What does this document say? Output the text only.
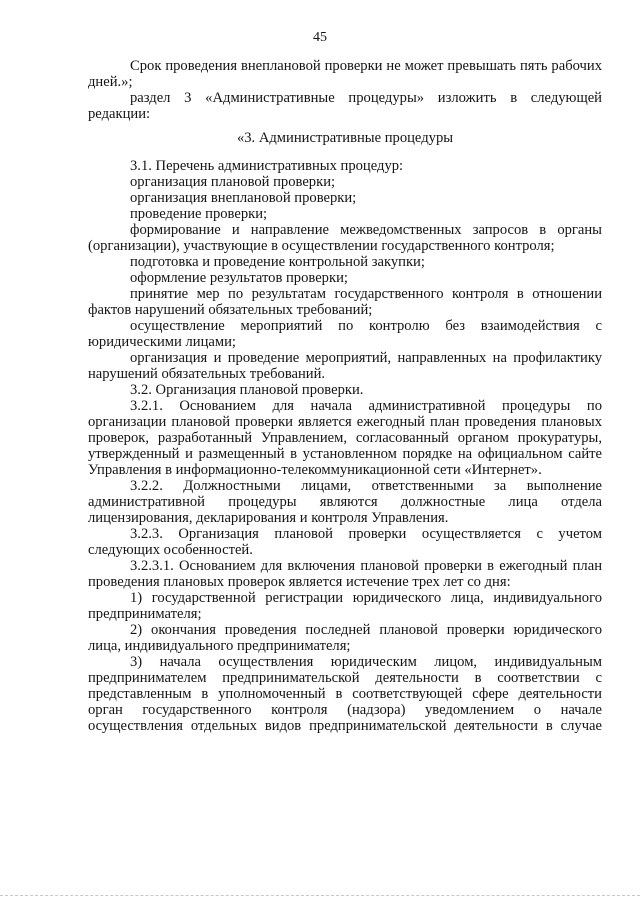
45

Срок проведения внеплановой проверки не может превышать пять рабочих дней.»;

раздел 3 «Административные процедуры» изложить в следующей редакции:

«3. Административные процедуры

3.1. Перечень административных процедур:

организация плановой проверки;

организация внеплановой проверки;

проведение проверки;

формирование и направление межведомственных запросов в органы (организации), участвующие в осуществлении государственного контроля;

подготовка и проведение контрольной закупки;

оформление результатов проверки;

принятие мер по результатам государственного контроля в отношении фактов нарушений обязательных требований;

осуществление мероприятий по контролю без взаимодействия с юридическими лицами;

организация и проведение мероприятий, направленных на профилактику нарушений обязательных требований.

3.2. Организация плановой проверки.

3.2.1. Основанием для начала административной процедуры по организации плановой проверки является ежегодный план проведения плановых проверок, разработанный Управлением, согласованный органом прокуратуры, утвержденный и размещенный в установленном порядке на официальном сайте Управления в информационно-телекоммуникационной сети «Интернет».

3.2.2. Должностными лицами, ответственными за выполнение административной процедуры являются должностные лица отдела лицензирования, декларирования и контроля Управления.

3.2.3. Организация плановой проверки осуществляется с учетом следующих особенностей.

3.2.3.1. Основанием для включения плановой проверки в ежегодный план проведения плановых проверок является истечение трех лет со дня:

1) государственной регистрации юридического лица, индивидуального предпринимателя;

2) окончания проведения последней плановой проверки юридического лица, индивидуального предпринимателя;

3) начала осуществления юридическим лицом, индивидуальным предпринимателем предпринимательской деятельности в соответствии с представленным в уполномоченный в соответствующей сфере деятельности орган государственного контроля (надзора) уведомлением о начале осуществления отдельных видов предпринимательской деятельности в случае
